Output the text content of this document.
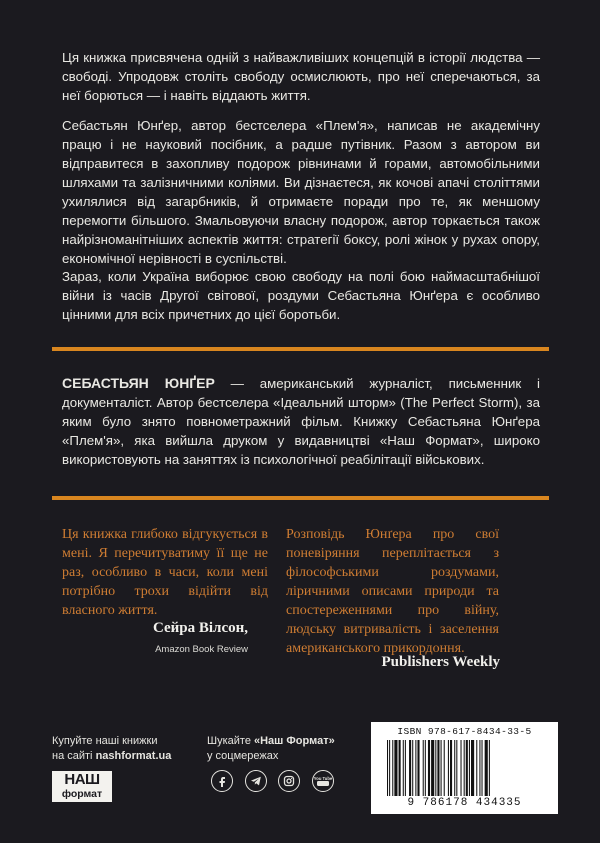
Ця книжка присвячена одній з найважливіших концепцій в історії людства — свободі. Упродовж століть свободу осмислюють, про неї сперечаються, за неї борються — і навіть віддають життя.

Себастьян Юнґер, автор бестселера «Плем'я», написав не академічну працю і не науковий посібник, а радше путівник. Разом з автором ви відправитеся в захопливу подорож рівнинами й горами, автомобільними шляхами та залізничними коліями. Ви дізнаєтеся, як кочові апачі століттями ухилялися від загарбників, й отримаєте поради про те, як меншому перемогти більшого. Змальовуючи власну подорож, автор торкається також найрізноманітніших аспектів життя: стратегії боксу, ролі жінок у рухах опору, економічної нерівності в суспільстві.

Зараз, коли Україна виборює свою свободу на полі бою наймасштабнішої війни із часів Другої світової, роздуми Себастьяна Юнґера є особливо цінними для всіх причетних до цієї боротьби.

СЕБАСТЬЯН ЮНҐЕР — американський журналіст, письменник і документаліст. Автор бестселера «Ідеальний шторм» (The Perfect Storm), за яким було знято повнометражний фільм. Книжку Себастьяна Юнґера «Плем'я», яка вийшла друком у видавництві «Наш Формат», широко використовують на заняттях із психологічної реабілітації військових.

Ця книжка глибоко відгукується в мені. Я перечитуватиму її ще не раз, особливо в часи, коли мені потрібно трохи відійти від власного життя.

Сейра Вілсон,
Amazon Book Review

Розповідь Юнґера про свої поневіряння переплітається з філософськими роздумами, ліричними описами природи та спостереженнями про війну, людську витривалість і заселення американського прикордоння.

Publishers Weekly
Купуйте наші книжки
на сайті nashformat.ua
НАШ
формат
Шукайте «Наш Формат»
у соцмережах
You Tube
ISBN 978-617-8434-33-5
9 786178 434335
